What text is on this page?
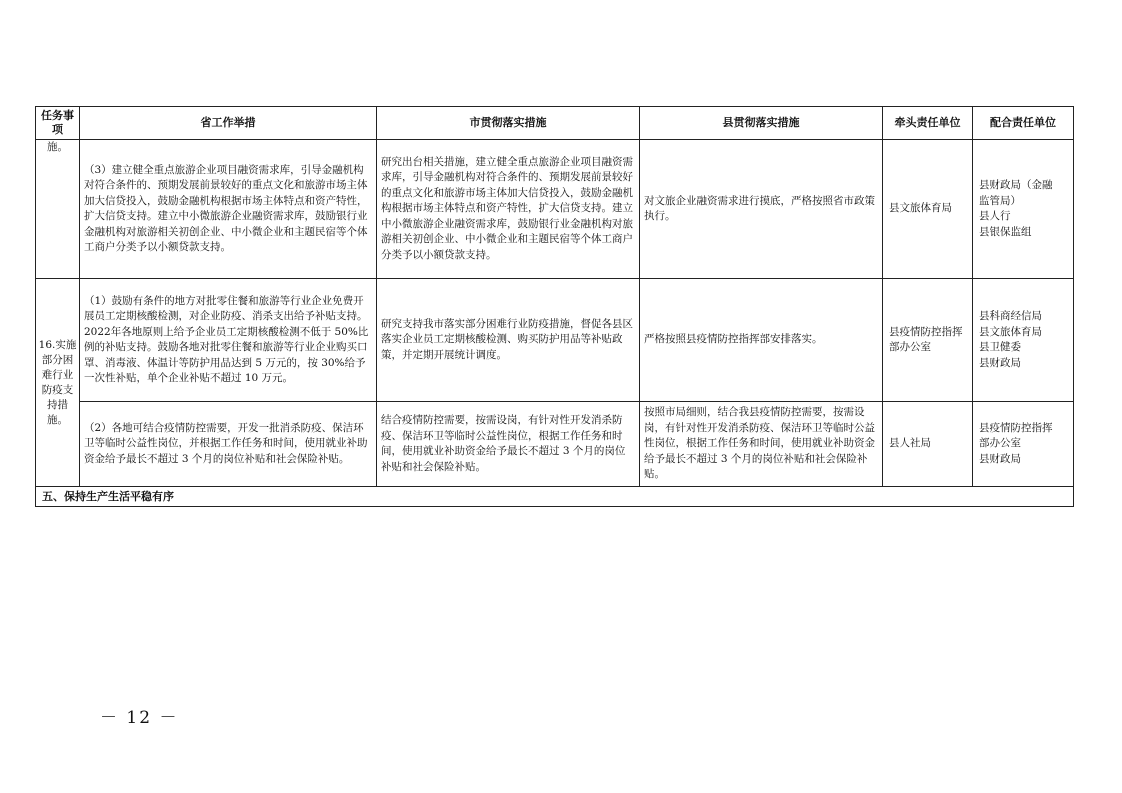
任务事项	省工作举措	市贯彻落实措施	县贯彻落实措施	牵头责任单位	配合责任单位
施。	（3）建立健全重点旅游企业项目融资需求库，引导金融机构对符合条件的、预期发展前景较好的重点文化和旅游市场主体加大信贷投入，鼓励金融机构根据市场主体特点和资产特性，扩大信贷支持。建立中小微旅游企业融资需求库，鼓励银行业金融机构对旅游相关初创企业、中小微企业和主题民宿等个体工商户分类予以小额贷款支持。	研究出台相关措施，建立健全重点旅游企业项目融资需求库，引导金融机构对符合条件的、预期发展前景较好的重点文化和旅游市场主体加大信贷投入，鼓励金融机构根据市场主体特点和资产特性，扩大信贷支持。建立中小微旅游企业融资需求库，鼓励银行业金融机构对旅游相关初创企业、中小微企业和主题民宿等个体工商户分类予以小额贷款支持。	对文旅企业融资需求进行摸底，严格按照省市政策执行。	县文旅体育局	县财政局（金融
监管局）
县人行
县银保监组

16.实施部分困难行业防疫支持措施。	（1）鼓励有条件的地方对批零住餐和旅游等行业企业免费开展员工定期核酸检测，对企业防疫、消杀支出给予补贴支持。2022年各地原则上给予企业员工定期核酸检测不低于 50%比例的补贴支持。鼓励各地对批零住餐和旅游等行业企业购买口罩、消毒液、体温计等防护用品达到 5 万元的，按 30%给予一次性补贴，单个企业补贴不超过 10 万元。	研究支持我市落实部分困难行业防疫措施，督促各县区落实企业员工定期核酸检测、购买防护用品等补贴政策，并定期开展统计调度。	严格按照县疫情防控指挥部安排落实。	县疫情防控指挥部办公室	县科商经信局
县文旅体育局
县卫健委
县财政局

	（2）各地可结合疫情防控需要，开发一批消杀防疫、保洁环卫等临时公益性岗位，并根据工作任务和时间，使用就业补助资金给予最长不超过 3 个月的岗位补贴和社会保险补贴。	结合疫情防控需要，按需设岗，有针对性开发消杀防疫、保洁环卫等临时公益性岗位，根据工作任务和时间，使用就业补助资金给予最长不超过 3 个月的岗位补贴和社会保险补贴。	按照市局细则，结合我县疫情防控需要，按需设岗，有针对性开发消杀防疫、保洁环卫等临时公益性岗位，根据工作任务和时间，使用就业补助资金给予最长不超过 3 个月的岗位补贴和社会保险补贴。	县人社局	县疫情防控指挥
部办公室
县财政局

五、保持生产生活平稳有序					
－ 12 －
